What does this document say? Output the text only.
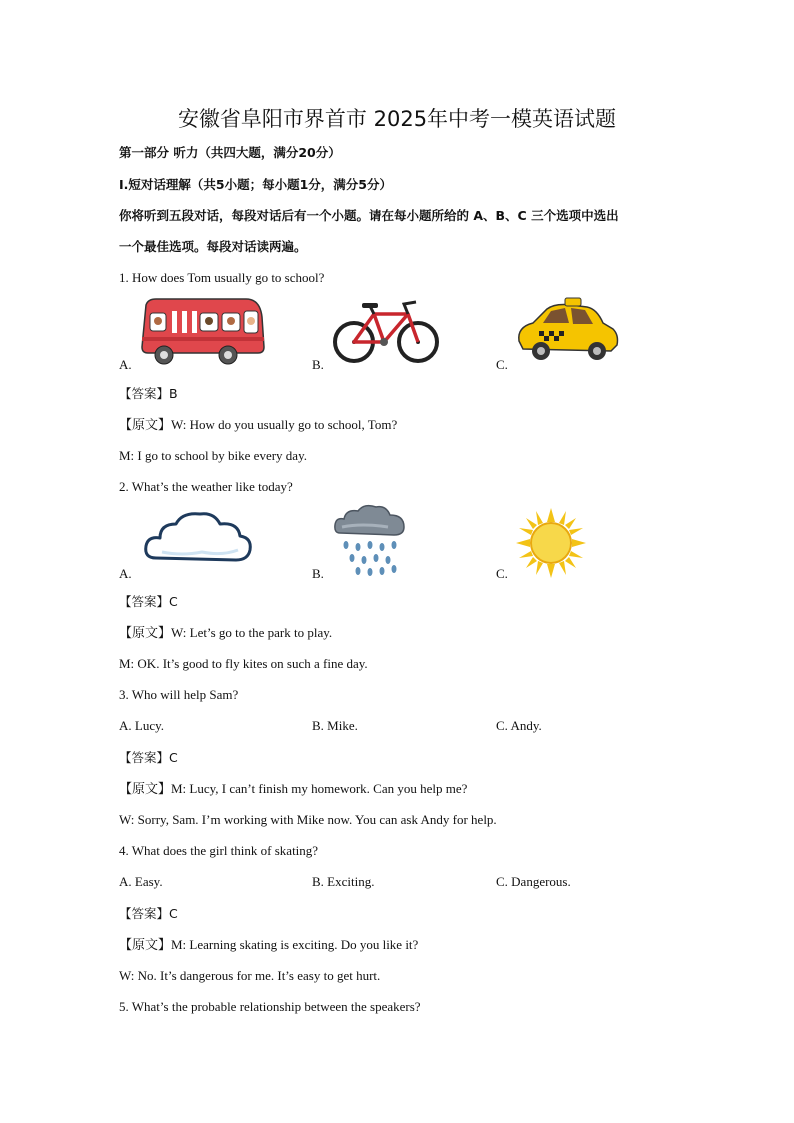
安徽省阜阳市界首市 2025年中考一模英语试题
第一部分 听力（共四大题，满分20分）
I.短对话理解（共5小题；每小题1分，满分5分）
你将听到五段对话，每段对话后有一个小题。请在每小题所给的 A、B、C 三个选项中选出
一个最佳选项。每段对话读两遍。
1. How does Tom usually go to school?
A.	B.	C.
【答案】B
【原文】W: How do you usually go to school, Tom?
M: I go to school by bike every day.
2. What’s the weather like today?
A.	B.	C.
【答案】C
【原文】W: Let’s go to the park to play.
M: OK. It’s good to fly kites on such a fine day.
3. Who will help Sam?
A. Lucy.	B. Mike.	C. Andy.
【答案】C
【原文】M: Lucy, I can’t finish my homework. Can you help me?
W: Sorry, Sam. I’m working with Mike now. You can ask Andy for help.
4. What does the girl think of skating?
A. Easy.	B. Exciting.	C. Dangerous.
【答案】C
【原文】M: Learning skating is exciting. Do you like it?
W: No. It’s dangerous for me. It’s easy to get hurt.
5. What’s the probable relationship between the speakers?
